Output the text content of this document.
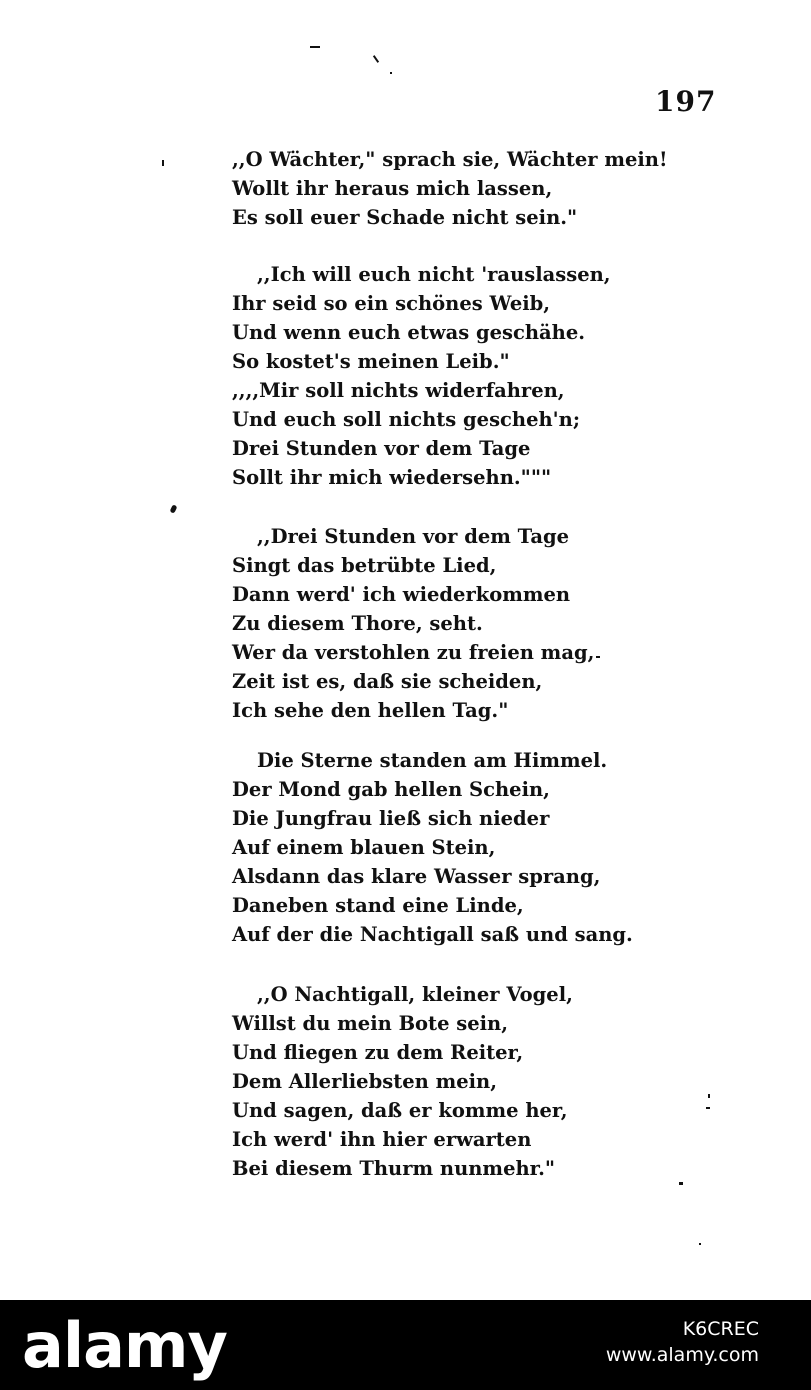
197
,,O Wächter," sprach sie, Wächter mein!
Wollt ihr heraus mich lassen,
Es soll euer Schade nicht sein."
,,Ich will euch nicht 'rauslassen,
Ihr seid so ein schönes Weib,
Und wenn euch etwas geschähe.
So kostet's meinen Leib."
,,,,Mir soll nichts widerfahren,
Und euch soll nichts gescheh'n;
Drei Stunden vor dem Tage
Sollt ihr mich wiedersehn."""
,,Drei Stunden vor dem Tage
Singt das betrübte Lied,
Dann werd' ich wiederkommen
Zu diesem Thore, seht.
Wer da verstohlen zu freien mag,
Zeit ist es, daß sie scheiden,
Ich sehe den hellen Tag."
Die Sterne standen am Himmel.
Der Mond gab hellen Schein,
Die Jungfrau ließ sich nieder
Auf einem blauen Stein,
Alsdann das klare Wasser sprang,
Daneben stand eine Linde,
Auf der die Nachtigall saß und sang.
,,O Nachtigall, kleiner Vogel,
Willst du mein Bote sein,
Und fliegen zu dem Reiter,
Dem Allerliebsten mein,
Und sagen, daß er komme her,
Ich werd' ihn hier erwarten
Bei diesem Thurm nunmehr."
alamy	K6CREC
www.alamy.com
